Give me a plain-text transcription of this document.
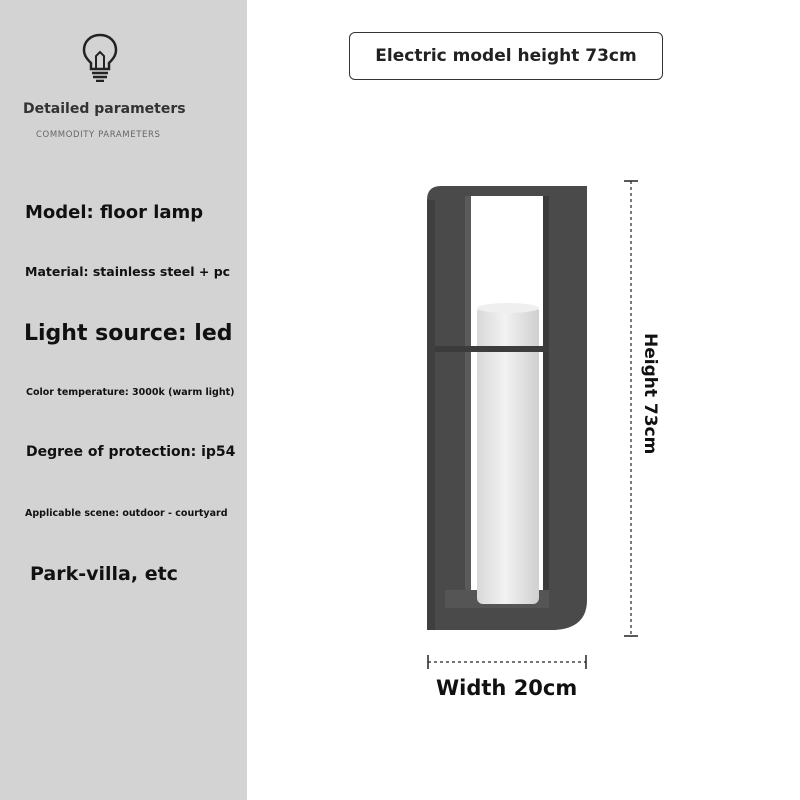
Detailed parameters
COMMODITY PARAMETERS
Model: floor lamp
Material: stainless steel + pc
Light source: led
Color temperature: 3000k (warm light)
Degree of protection: ip54
Applicable scene: outdoor - courtyard
Park-villa, etc
Electric model height 73cm
Height 73cm
Width 20cm
